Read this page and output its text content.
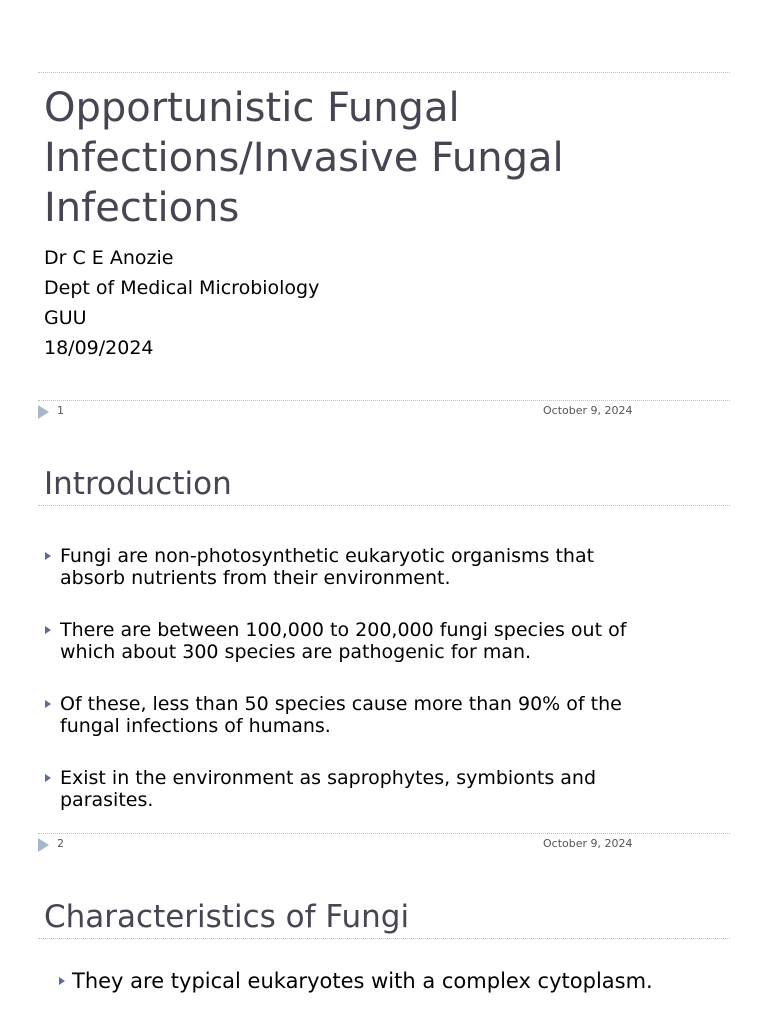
Opportunistic Fungal Infections/Invasive Fungal Infections
Dr C E Anozie
Dept of Medical Microbiology
GUU
18/09/2024
1	October 9, 2024
Introduction
Fungi are non-photosynthetic eukaryotic organisms that absorb nutrients from their environment.
There are between 100,000 to 200,000 fungi species out of which about 300 species are pathogenic for man.
Of these, less than 50 species cause more than 90% of the fungal infections of humans.
Exist in the environment as saprophytes, symbionts and parasites.
2	October 9, 2024
Characteristics of Fungi
They are typical eukaryotes with a complex cytoplasm.
